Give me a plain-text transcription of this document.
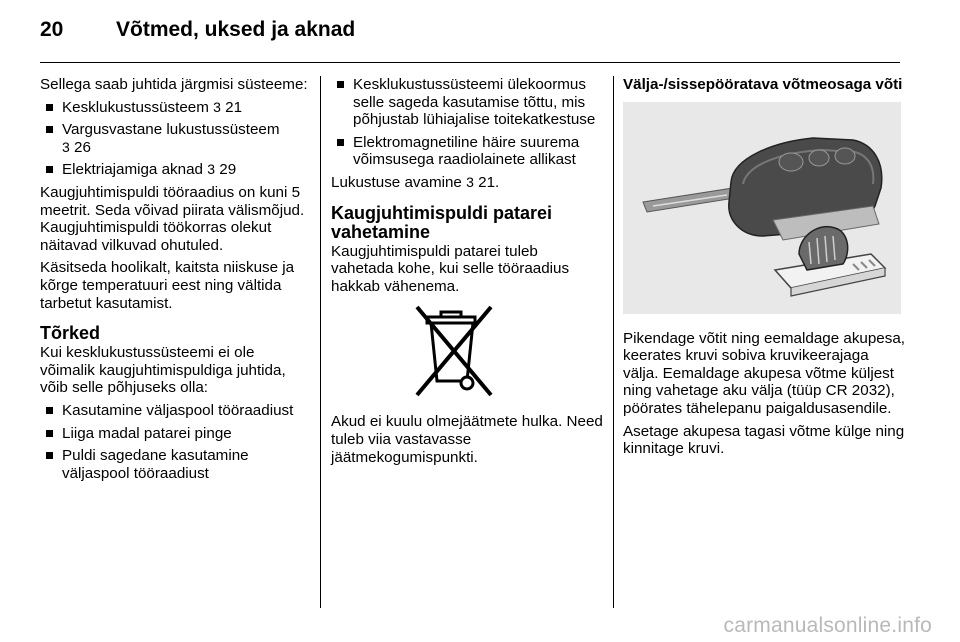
20	Võtmed, uksed ja aknad

Sellega saab juhtida järgmisi süsteeme:

Kesklukustussüsteem 3 21
Vargusvastane lukustussüsteem
3 26
Elektriajamiga aknad 3 29

Kaugjuhtimispuldi tööraadius on kuni 5 meetrit. Seda võivad piirata välismõjud. Kaugjuhtimispuldi töökorras olekut näitavad vilkuvad ohutuled.

Käsitseda hoolikalt, kaitsta niiskuse ja kõrge temperatuuri eest ning vältida tarbetut kasutamist.

Tõrked

Kui kesklukustussüsteemi ei ole võimalik kaugjuhtimispuldiga juhtida, võib selle põhjuseks olla:

Kasutamine väljaspool tööraadiust
Liiga madal patarei pinge
Puldi sagedane kasutamine väljaspool tööraadiust
Kesklukustussüsteemi ülekoormus selle sageda kasutamise tõttu, mis põhjustab lühiajalise toitekatkestuse
Elektromagnetiline häire suurema võimsusega raadiolainete allikast

Lukustuse avamine 3 21.

Kaugjuhtimispuldi patarei vahetamine

Kaugjuhtimispuldi patarei tuleb vahetada kohe, kui selle tööraadius hakkab vähenema.

Akud ei kuulu olmejäätmete hulka. Need tuleb viia vastavasse jäätmekogumispunkti.

Välja-/sissepööratava võtmeosaga võti

Pikendage võtit ning eemaldage akupesa, keerates kruvi sobiva kruvikeerajaga välja. Eemaldage akupesa võtme küljest ning vahetage aku välja (tüüp CR 2032), pöörates tähelepanu paigaldusasendile.

Asetage akupesa tagasi võtme külge ning kinnitage kruvi.

carmanualsonline.info
